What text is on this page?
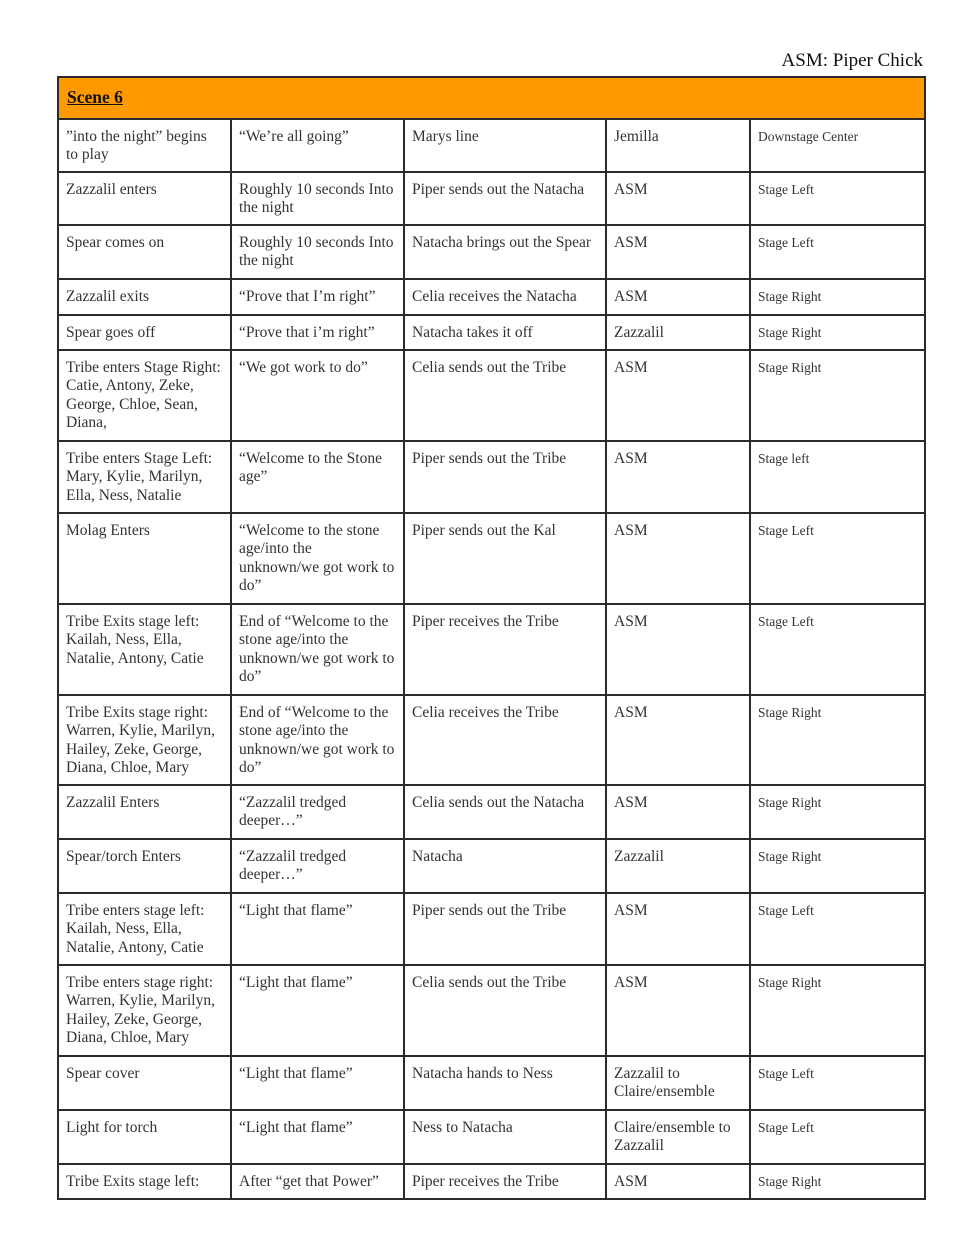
ASM: Piper Chick
Scene 6				
”into the night” begins to play	“We’re all going”	Marys line	Jemilla	Downstage Center
Zazzalil enters	Roughly 10 seconds Into the night	Piper sends out the Natacha	ASM	Stage Left
Spear comes on	Roughly 10 seconds Into the night	Natacha brings out the Spear	ASM	Stage Left
Zazzalil exits	“Prove that I’m right”	Celia receives the Natacha	ASM	Stage Right
Spear goes off	“Prove that i’m right”	Natacha takes it off	Zazzalil	Stage Right
Tribe enters Stage Right: Catie, Antony, Zeke, George, Chloe, Sean, Diana,	“We got work to do”	Celia sends out the Tribe	ASM	Stage Right
Tribe enters Stage Left: Mary, Kylie, Marilyn, Ella, Ness, Natalie	“Welcome to the Stone age”	Piper sends out the Tribe	ASM	Stage left
Molag Enters	“Welcome to the stone age/into the unknown/we got work to do”	Piper sends out the Kal	ASM	Stage Left
Tribe Exits stage left: Kailah, Ness, Ella, Natalie, Antony, Catie	End of “Welcome to the stone age/into the unknown/we got work to do”	Piper receives the Tribe	ASM	Stage Left
Tribe Exits stage right: Warren, Kylie, Marilyn, Hailey, Zeke, George, Diana, Chloe, Mary	End of “Welcome to the stone age/into the unknown/we got work to do”	Celia receives the Tribe	ASM	Stage Right
Zazzalil Enters	“Zazzalil tredged deeper…”	Celia sends out the Natacha	ASM	Stage Right
Spear/torch Enters	“Zazzalil tredged deeper…”	Natacha	Zazzalil	Stage Right
Tribe enters stage left: Kailah, Ness, Ella, Natalie, Antony, Catie	“Light that flame”	Piper sends out the Tribe	ASM	Stage Left
Tribe enters stage right: Warren, Kylie, Marilyn, Hailey, Zeke, George, Diana, Chloe, Mary	“Light that flame”	Celia sends out the Tribe	ASM	Stage Right
Spear cover	“Light that flame”	Natacha hands to Ness	Zazzalil to Claire/ensemble	Stage Left
Light for torch	“Light that flame”	Ness to Natacha	Claire/ensemble to Zazzalil	Stage Left
Tribe Exits stage left:	After “get that Power”	Piper receives the Tribe	ASM	Stage Right
